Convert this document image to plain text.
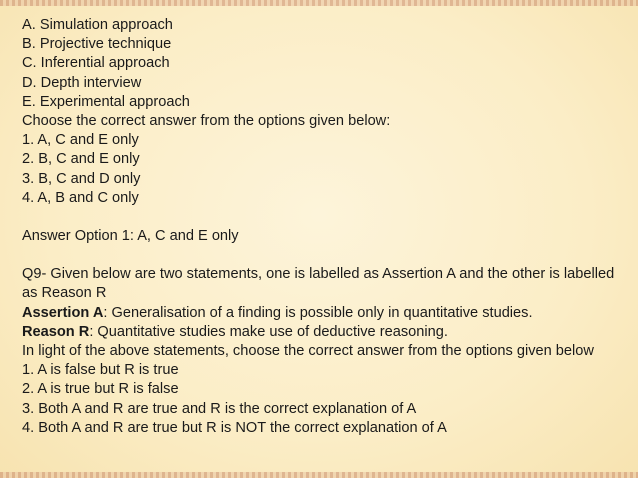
A. Simulation approach
B. Projective technique
C. Inferential approach
D. Depth interview
E. Experimental approach
Choose the correct answer from the options given below:
1. A, C and E only
2. B, C and E only
3. B, C and D only
4. A, B and C only
Answer Option 1: A, C and E only
Q9- Given below are two statements, one is labelled as Assertion A and the other is labelled as Reason R
Assertion A: Generalisation of a finding is possible only in quantitative studies.
Reason R: Quantitative studies make use of deductive reasoning.
In light of the above statements, choose the correct answer from the options given below
1. A is false but R is true
2. A is true but R is false
3. Both A and R are true and R is the correct explanation of A
4. Both A and R are true but R is NOT the correct explanation of A
